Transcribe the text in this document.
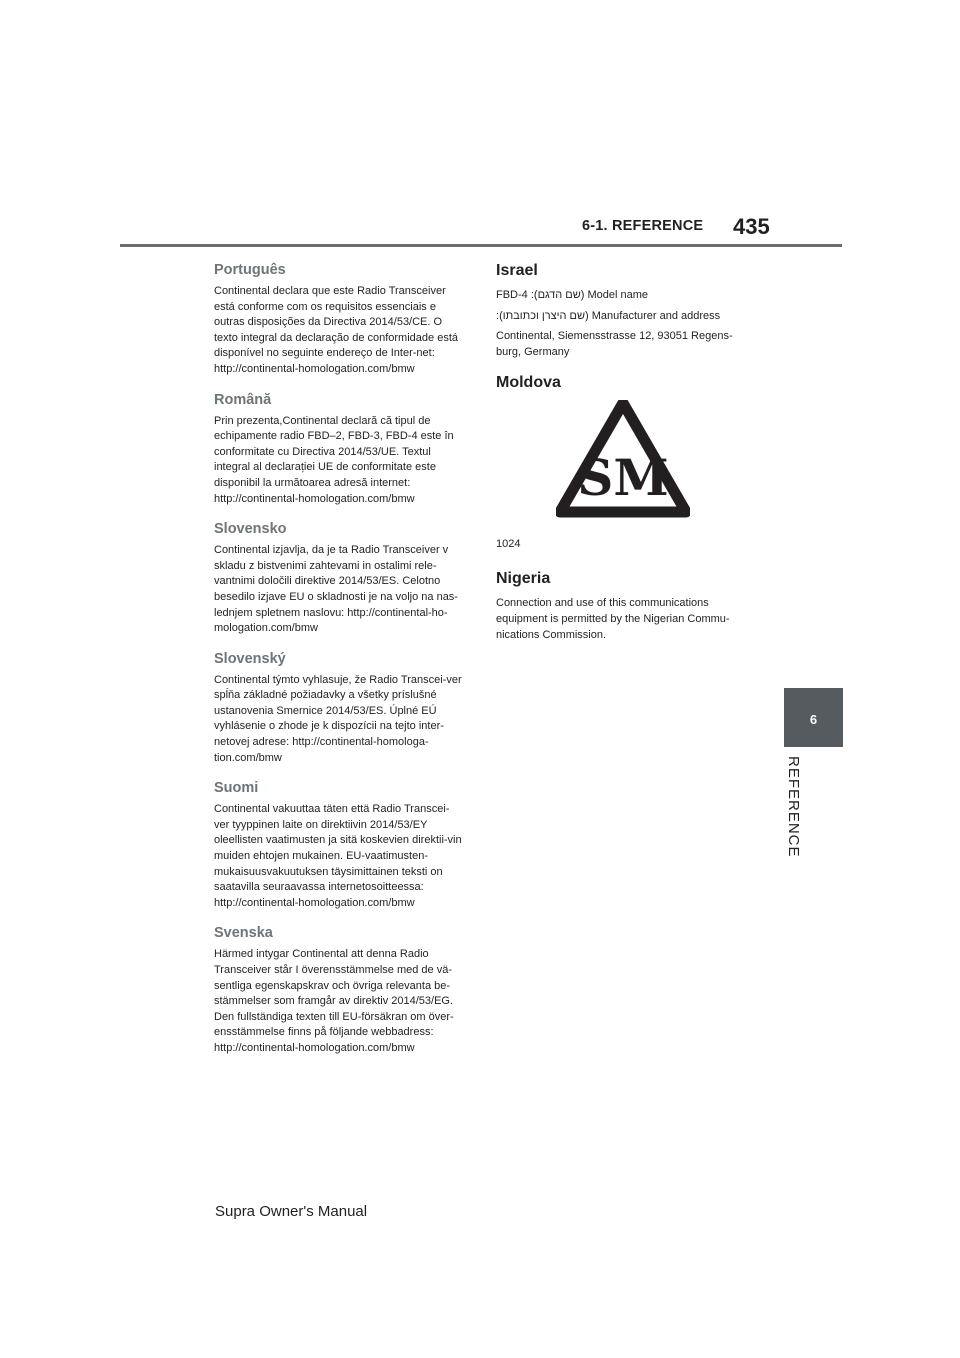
6-1. REFERENCE 435
6
REFERENCE
Português

Continental declara que este Radio Transceiver está conforme com os requisitos essenciais e outras disposições da Directiva 2014/53/CE. O texto integral da declaração de conformidade está disponível no seguinte endereço de Inter-net: http://continental-homologation.com/bmw

Română

Prin prezenta,Continental declară că tipul de echipamente radio FBD–2, FBD-3, FBD-4 este în conformitate cu Directiva 2014/53/UE. Textul integral al declarației UE de conformitate este disponibil la următoarea adresă internet: http://continental-homologation.com/bmw

Slovensko

Continental izjavlja, da je ta Radio Transceiver v skladu z bistvenimi zahtevami in ostalimi rele-vantnimi določili direktive 2014/53/ES. Celotno besedilo izjave EU o skladnosti je na voljo na nas-lednjem spletnem naslovu: http://continental-ho-mologation.com/bmw

Slovenský

Continental týmto vyhlasuje, že Radio Transcei-ver spĺňa základné požiadavky a všetky príslušné ustanovenia Smernice 2014/53/ES. Úplné EÚ vyhlásenie o zhode je k dispozícii na tejto inter-netovej adrese: http://continental-homologa-tion.com/bmw

Suomi

Continental vakuuttaa täten että Radio Transcei-ver tyyppinen laite on direktiivin 2014/53/EY oleellisten vaatimusten ja sitä koskevien direktii-vin muiden ehtojen mukainen. EU-vaatimusten-mukaisuusvakuutuksen täysimittainen teksti on saatavilla seuraavassa internetosoitteessa: http://continental-homologation.com/bmw

Svenska

Härmed intygar Continental att denna Radio Transceiver står I överensstämmelse med de vä-sentliga egenskapskrav och övriga relevanta be-stämmelser som framgår av direktiv 2014/53/EG. Den fullständiga texten till EU-försäkran om över-ensstämmelse finns på följande webbadress: http://continental-homologation.com/bmw

Israel
FBD-4 :(שם הדגם) Model name
:(שם היצרן וכתובתו) Manufacturer and address
Continental, Siemensstrasse 12, 93051 Regens-burg, Germany
Moldova
SM
1024
Nigeria

Connection and use of this communications equipment is permitted by the Nigerian Commu-nications Commission.

Supra Owner's Manual
